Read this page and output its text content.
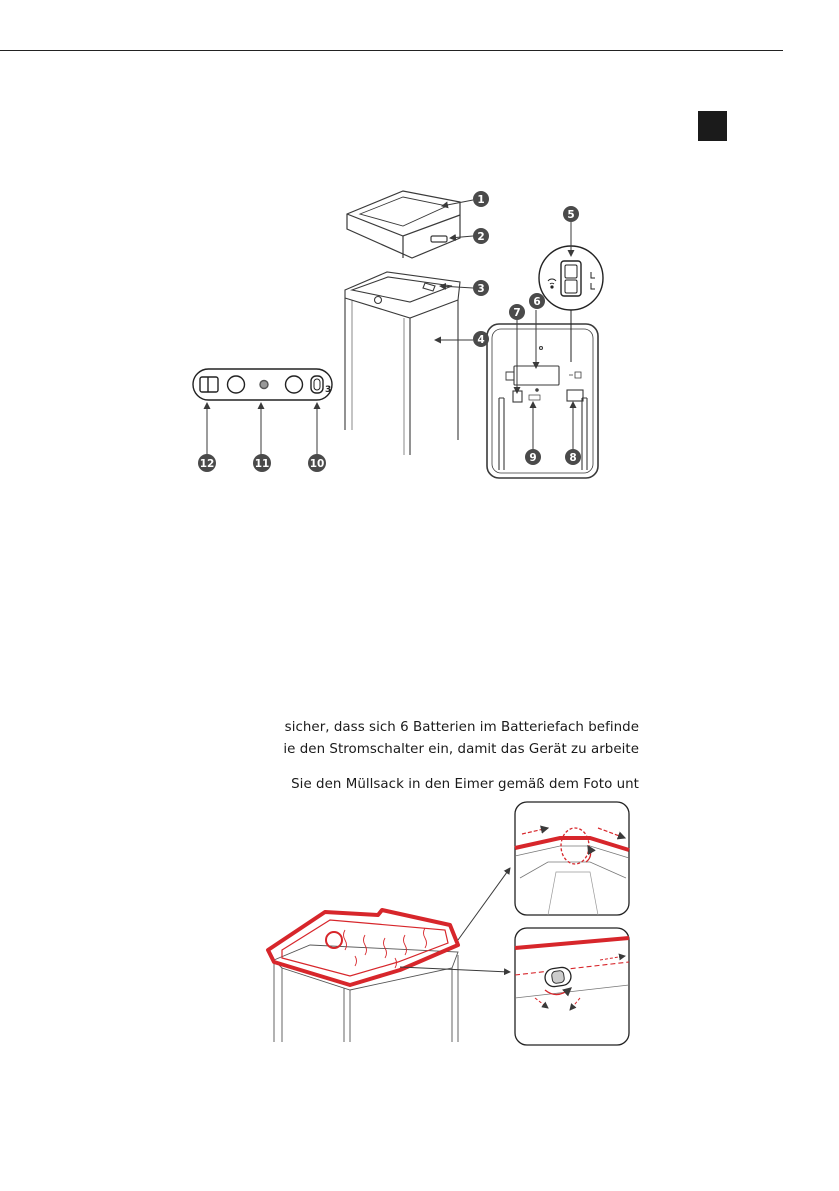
3
1
2
3
4
5
6
7
8
9
10
11
12
sicher, dass sich 6 Batterien im Batteriefach befinde
ie den Stromschalter ein, damit das Gerät zu arbeite
Sie den Müllsack in den Eimer gemäß dem Foto unt
